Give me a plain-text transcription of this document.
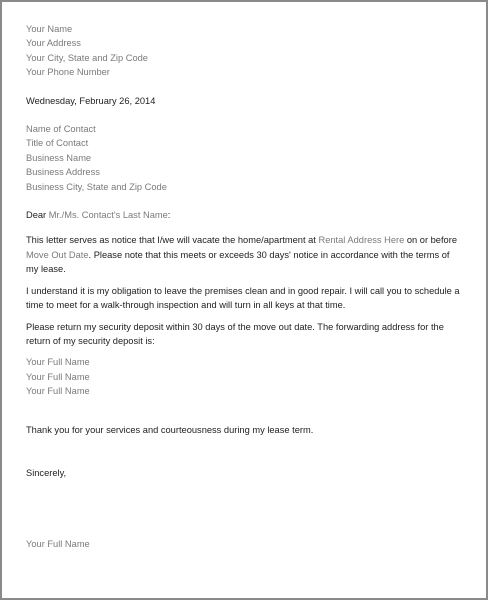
Your Name
Your Address
Your City, State and Zip Code
Your Phone Number
Wednesday, February 26, 2014
Name of Contact
Title of Contact
Business Name
Business Address
Business City, State and Zip Code
Dear Mr./Ms. Contact's Last Name:
This letter serves as notice that I/we will vacate the home/apartment at Rental Address Here on or before Move Out Date. Please note that this meets or exceeds 30 days' notice in accordance with the terms of my lease.
I understand it is my obligation to leave the premises clean and in good repair. I will call you to schedule a time to meet for a walk-through inspection and will turn in all keys at that time.
Please return my security deposit within 30 days of the move out date. The forwarding address for the return of my security deposit is:
Your Full Name
Your Full Name
Your Full Name
Thank you for your services and courteousness during my lease term.
Sincerely,
Your Full Name
